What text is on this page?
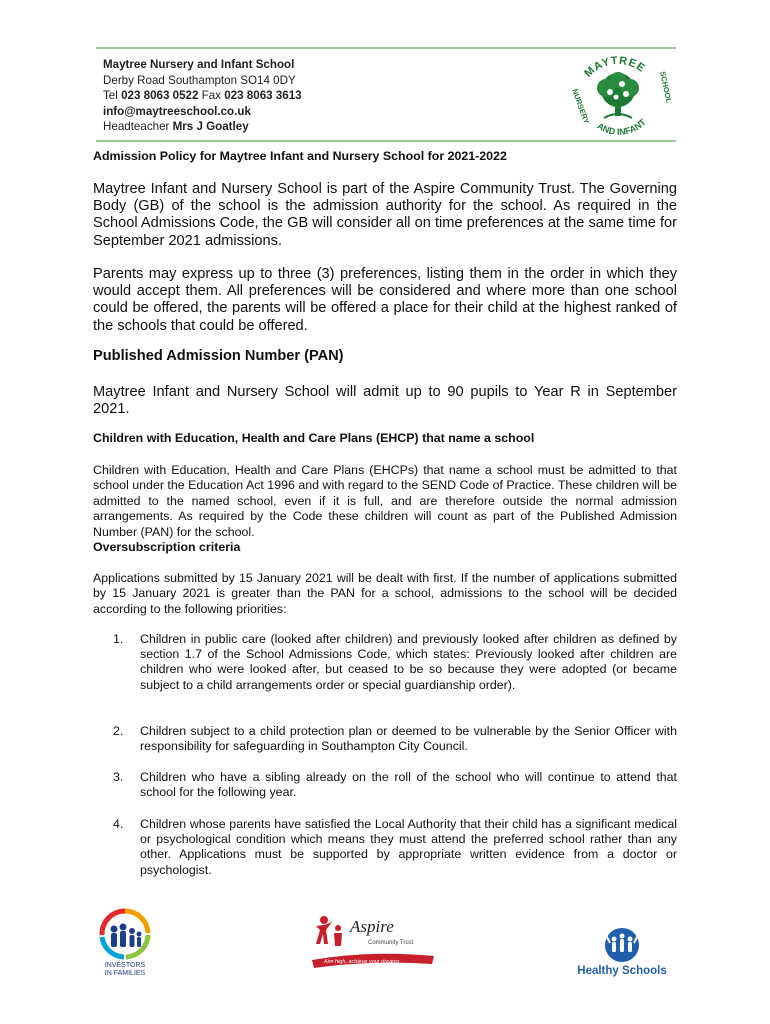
Maytree Nursery and Infant School
Derby Road Southampton SO14 0DY
Tel 023 8063 0522 Fax 023 8063 3613
info@maytreeschool.co.uk
Headteacher Mrs J Goatley
MAYTREE
AND INFANT
NURSERY
SCHOOL
Admission Policy for Maytree Infant and Nursery School for 2021-2022
Maytree Infant and Nursery School is part of the Aspire Community Trust. The Governing Body (GB) of the school is the admission authority for the school. As required in the School Admissions Code, the GB will consider all on time preferences at the same time for September 2021 admissions.
Parents may express up to three (3) preferences, listing them in the order in which they would accept them. All preferences will be considered and where more than one school could be offered, the parents will be offered a place for their child at the highest ranked of the schools that could be offered.
Published Admission Number (PAN)
Maytree Infant and Nursery School will admit up to 90 pupils to Year R in September 2021.
Children with Education, Health and Care Plans (EHCP) that name a school
Children with Education, Health and Care Plans (EHCPs) that name a school must be admitted to that school under the Education Act 1996 and with regard to the SEND Code of Practice. These children will be admitted to the named school, even if it is full, and are therefore outside the normal admission arrangements. As required by the Code these children will count as part of the Published Admission Number (PAN) for the school.
Oversubscription criteria
Applications submitted by 15 January 2021 will be dealt with first. If the number of applications submitted by 15 January 2021 is greater than the PAN for a school, admissions to the school will be decided according to the following priorities:
1. Children in public care (looked after children) and previously looked after children as defined by section 1.7 of the School Admissions Code, which states: Previously looked after children are children who were looked after, but ceased to be so because they were adopted (or became subject to a child arrangements order or special guardianship order).
2. Children subject to a child protection plan or deemed to be vulnerable by the Senior Officer with responsibility for safeguarding in Southampton City Council.
3. Children who have a sibling already on the roll of the school who will continue to attend that school for the following year.
4. Children whose parents have satisfied the Local Authority that their child has a significant medical or psychological condition which means they must attend the preferred school rather than any other. Applications must be supported by appropriate written evidence from a doctor or psychologist.
INVESTORS
IN FAMILIES
Aspire
Community Trust
Aim high, achieve your dreams
Healthy Schools
